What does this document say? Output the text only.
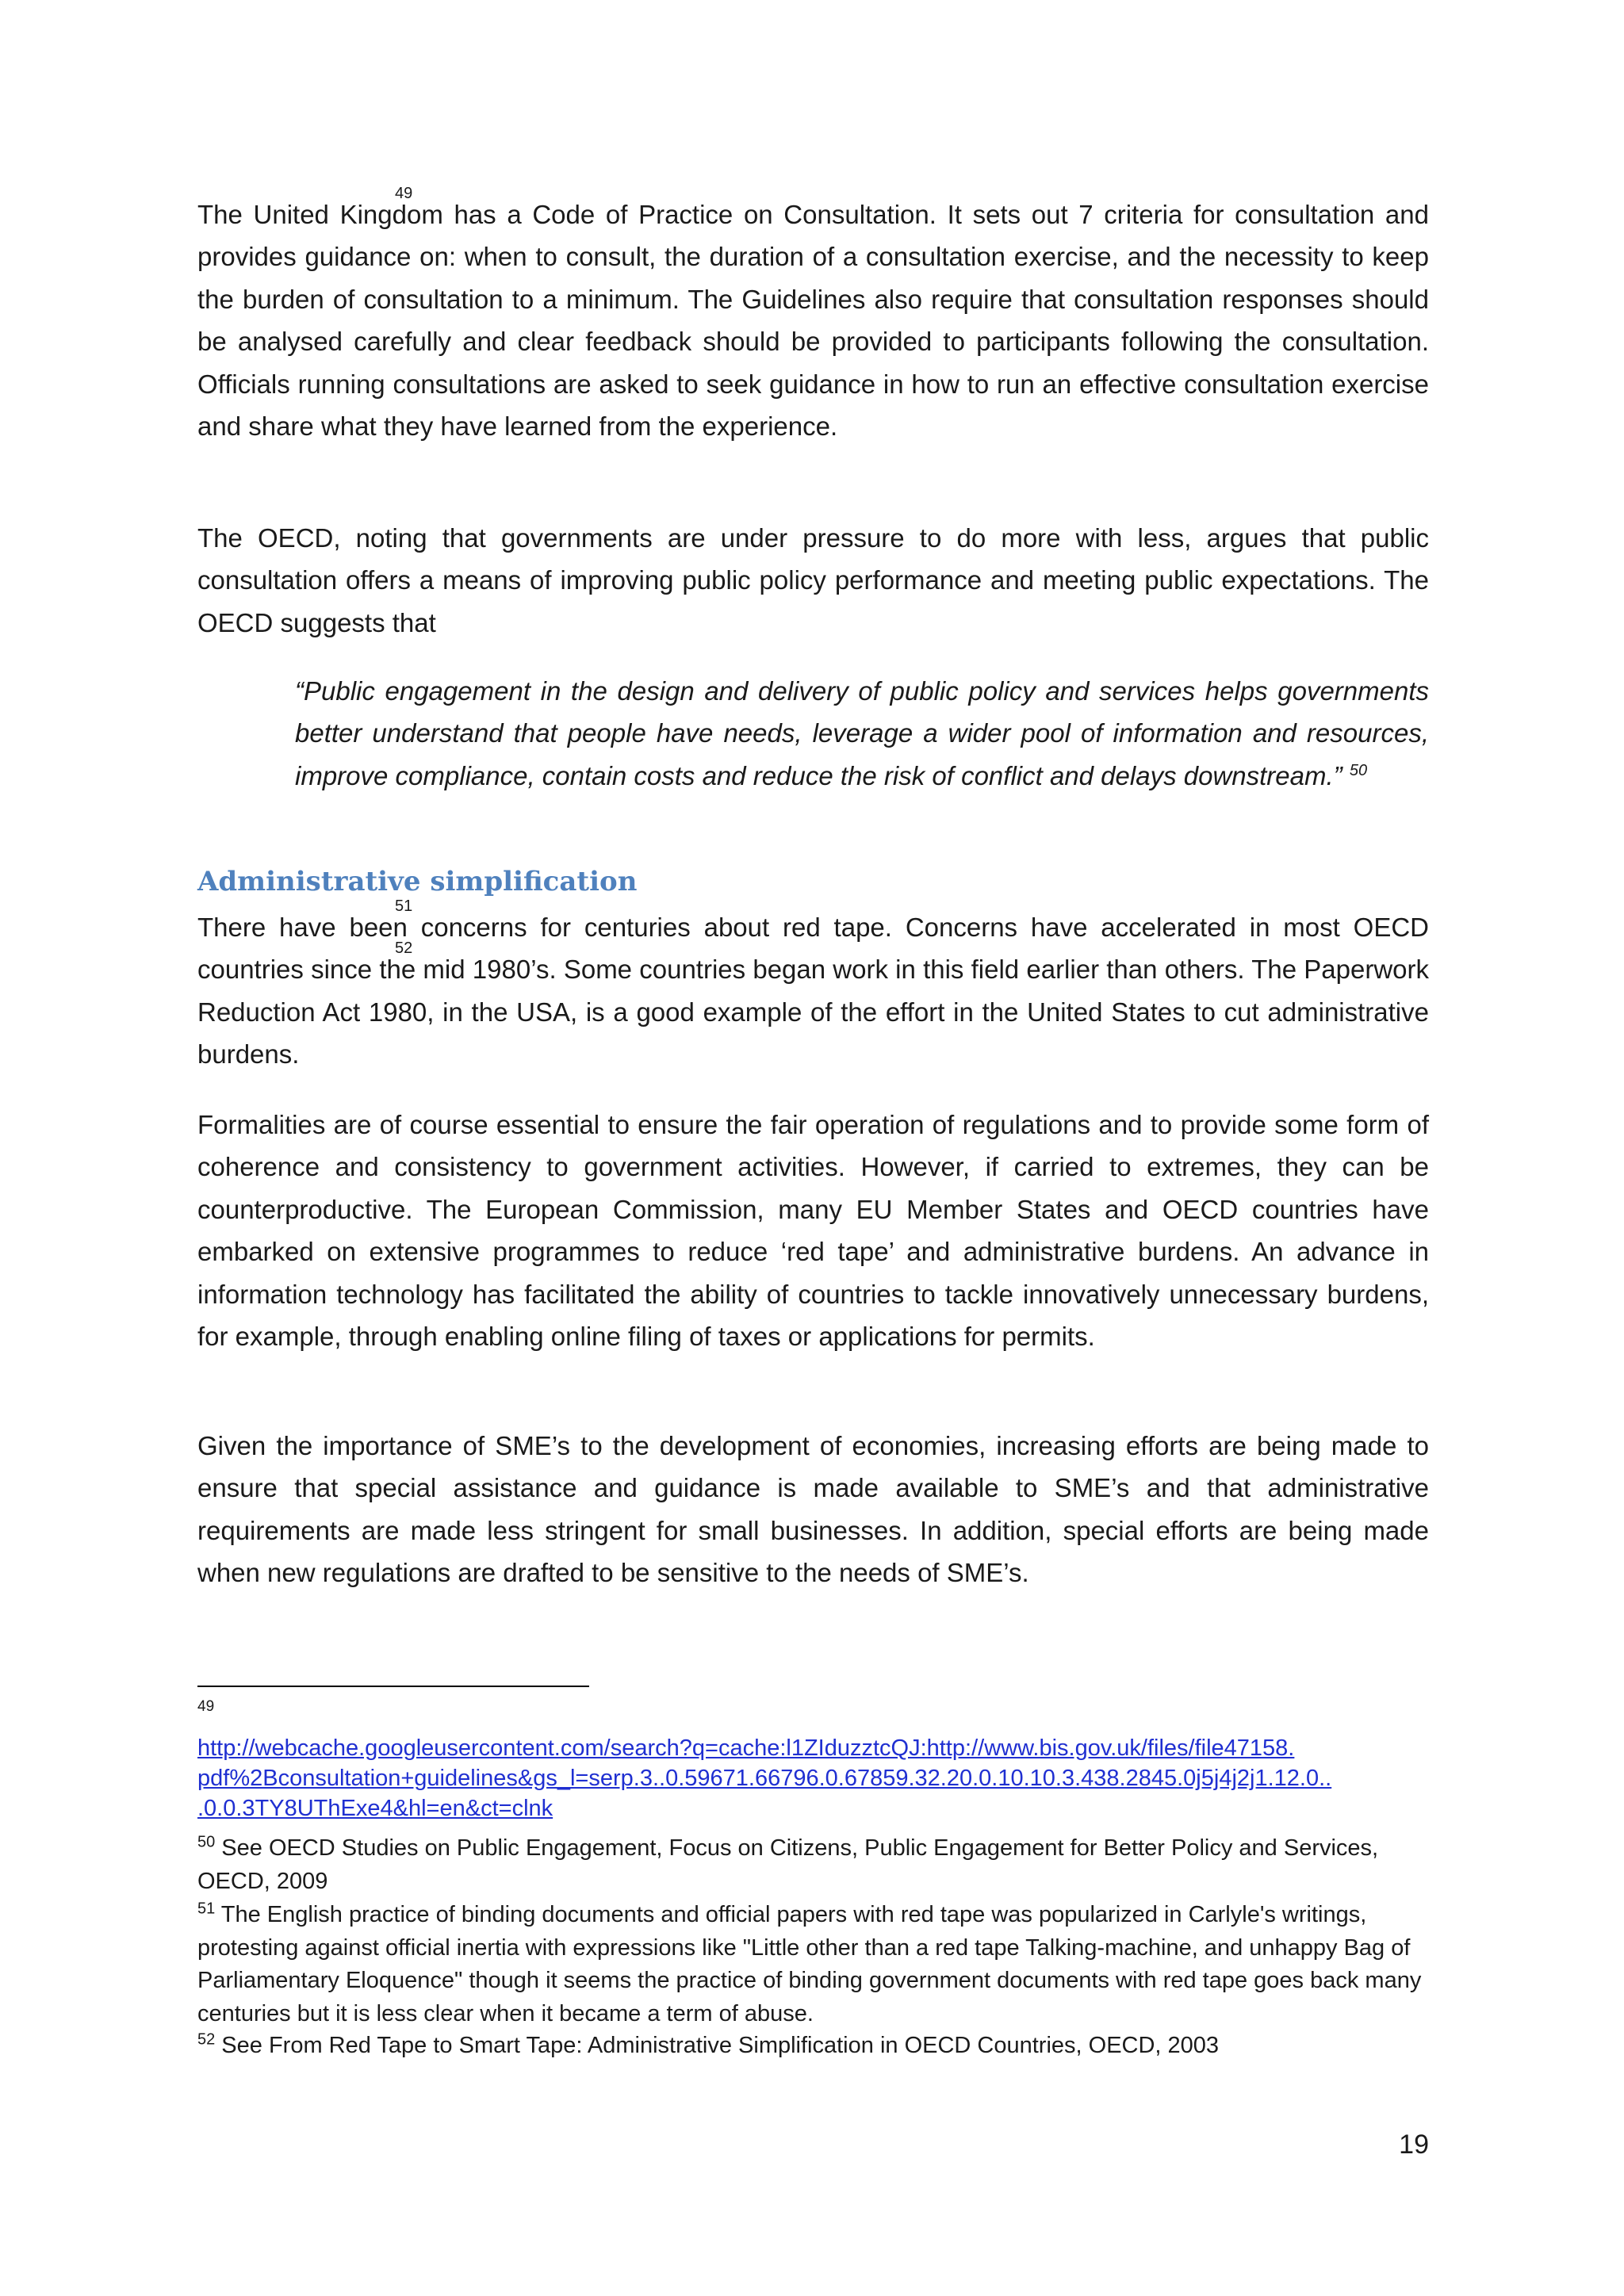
The United Kingdom has a Code of Practice on Consultation
49
. It sets out 7 criteria for consultation and provides guidance on: when to consult, the duration of a consultation exercise, and the necessity to keep the burden of consultation to a minimum. The Guidelines also require that consultation responses should be analysed carefully and clear feedback should be provided to participants following the consultation. Officials running consultations are asked to seek guidance in how to run an effective consultation exercise and share what they have learned from the experience.

The OECD, noting that governments are under pressure to do more with less, argues that public consultation offers a means of improving public policy performance and meeting public expectations. The OECD suggests that

“Public engagement in the design and delivery of public policy and services helps governments better understand that people have needs, leverage a wider pool of information and resources, improve compliance, contain costs and reduce the risk of conflict and delays downstream.” $^{50}$

Administrative simplification

There have been concerns for centuries about red tape
51
. Concerns have accelerated in most OECD countries since the mid 1980’s
52
. Some countries began work in this field earlier than others. The Paperwork Reduction Act 1980, in the USA, is a good example of the effort in the United States to cut administrative burdens.

Formalities are of course essential to ensure the fair operation of regulations and to provide some form of coherence and consistency to government activities. However, if carried to extremes, they can be counterproductive. The European Commission, many EU Member States and OECD countries have embarked on extensive programmes to reduce ‘red tape’ and administrative burdens. An advance in information technology has facilitated the ability of countries to tackle innovatively unnecessary burdens, for example, through enabling online filing of taxes or applications for permits.

Given the importance of SME’s to the development of economies, increasing efforts are being made to ensure that special assistance and guidance is made available to SME’s and that administrative requirements are made less stringent for small businesses. In addition, special efforts are being made when new regulations are drafted to be sensitive to the needs of SME’s.

49
http://webcache.googleusercontent.com/search?q=cache:l1ZIduzztcQJ:http://www.bis.gov.uk/files/file47158.
pdf%2Bconsultation+guidelines&gs_l=serp.3..0.59671.66796.0.67859.32.20.0.10.10.3.438.2845.0j5j4j2j1.12.0..
.0.0.3TY8UThExe4&hl=en&ct=clnk

$^{50}$ See OECD Studies on Public Engagement, Focus on Citizens, Public Engagement for Better Policy and Services, OECD, 2009

$^{51}$ The English practice of binding documents and official papers with red tape was popularized in Carlyle's writings, protesting against official inertia with expressions like "Little other than a red tape Talking-machine, and unhappy Bag of Parliamentary Eloquence" though it seems the practice of binding government documents with red tape goes back many centuries but it is less clear when it became a term of abuse.

$^{52}$ See From Red Tape to Smart Tape: Administrative Simplification in OECD Countries, OECD, 2003

19
